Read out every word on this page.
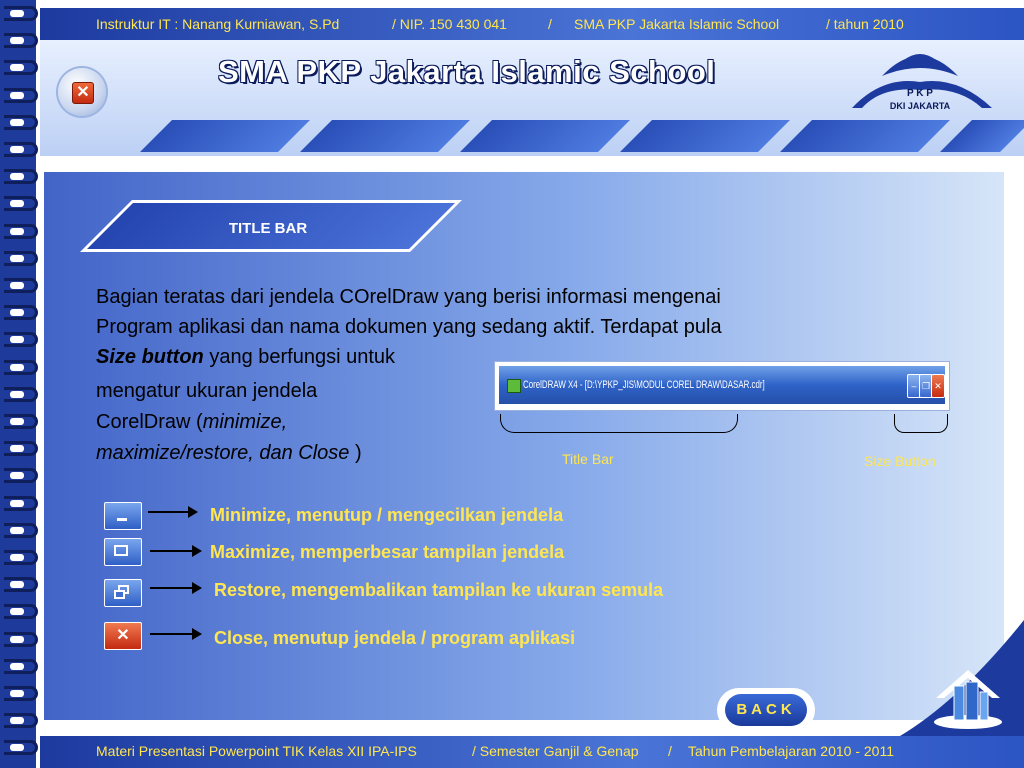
Instruktur IT : Nanang Kurniawan, S.Pd	/ NIP. 150 430 041	/ SMA PKP Jakarta Islamic School	/ tahun 2010
✕
SMA PKP Jakarta Islamic School
P K P
DKI JAKARTA
TITLE BAR
Bagian teratas dari jendela COrelDraw yang berisi informasi mengenai
Program aplikasi dan nama dokumen yang sedang aktif. Terdapat pula
Size button yang berfungsi untuk
mengatur ukuran jendela
CorelDraw (minimize,
maximize/restore, dan Close )
CorelDRAW X4 - [D:\YPKP_JIS\MODUL COREL DRAW\DASAR.cdr]	– ❐ ✕
Title Bar	Size Button
Minimize, menutup / mengecilkan jendela
Maximize, memperbesar tampilan jendela
Restore, mengembalikan tampilan ke ukuran semula
✕	Close, menutup jendela / program aplikasi
BACK
Materi Presentasi Powerpoint TIK Kelas XII IPA-IPS	/ Semester Ganjil & Genap / Tahun Pembelajaran 2010 - 2011
